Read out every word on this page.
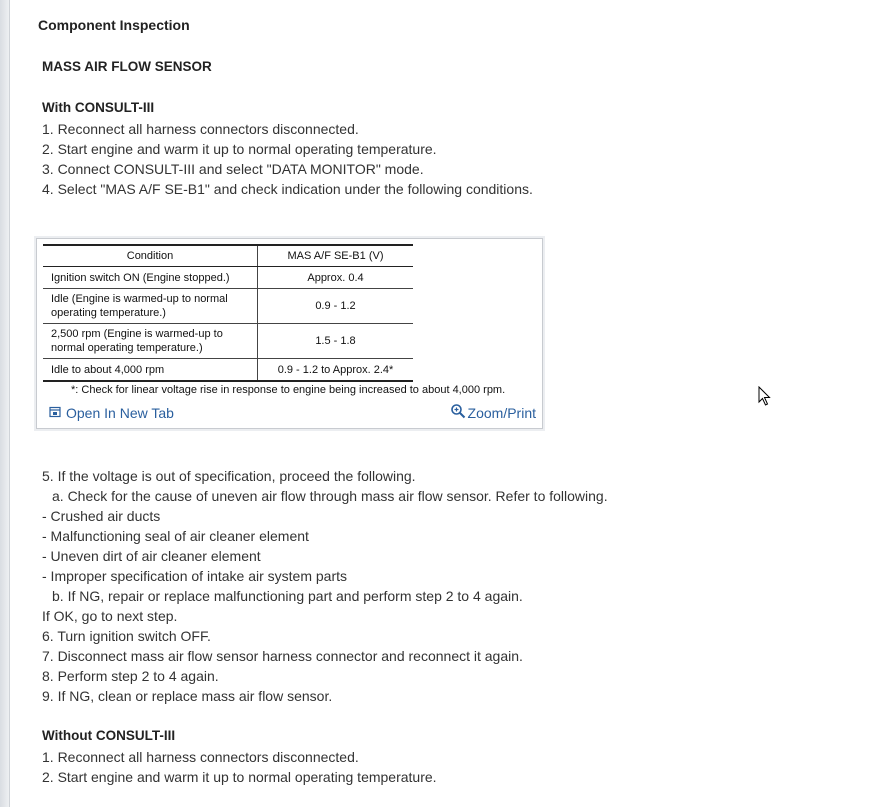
Component Inspection
MASS AIR FLOW SENSOR
With CONSULT-III
1. Reconnect all harness connectors disconnected.
2. Start engine and warm it up to normal operating temperature.
3. Connect CONSULT-III and select "DATA MONITOR" mode.
4. Select "MAS A/F SE-B1" and check indication under the following conditions.
Condition	MAS A/F SE-B1 (V)
Ignition switch ON (Engine stopped.)	Approx. 0.4

Idle (Engine is warmed-up to normal
operating temperature.)	0.9 - 1.2

2,500 rpm (Engine is warmed-up to
normal operating temperature.)	1.5 - 1.8
Idle to about 4,000 rpm	0.9 - 1.2 to Approx. 2.4*
*: Check for linear voltage rise in response to engine being increased to about 4,000 rpm.
Open In New Tab	Zoom/Print
5. If the voltage is out of specification, proceed the following.
a. Check for the cause of uneven air flow through mass air flow sensor. Refer to following.
- Crushed air ducts
- Malfunctioning seal of air cleaner element
- Uneven dirt of air cleaner element
- Improper specification of intake air system parts
b. If NG, repair or replace malfunctioning part and perform step 2 to 4 again.
If OK, go to next step.
6. Turn ignition switch OFF.
7. Disconnect mass air flow sensor harness connector and reconnect it again.
8. Perform step 2 to 4 again.
9. If NG, clean or replace mass air flow sensor.
Without CONSULT-III
1. Reconnect all harness connectors disconnected.
2. Start engine and warm it up to normal operating temperature.
